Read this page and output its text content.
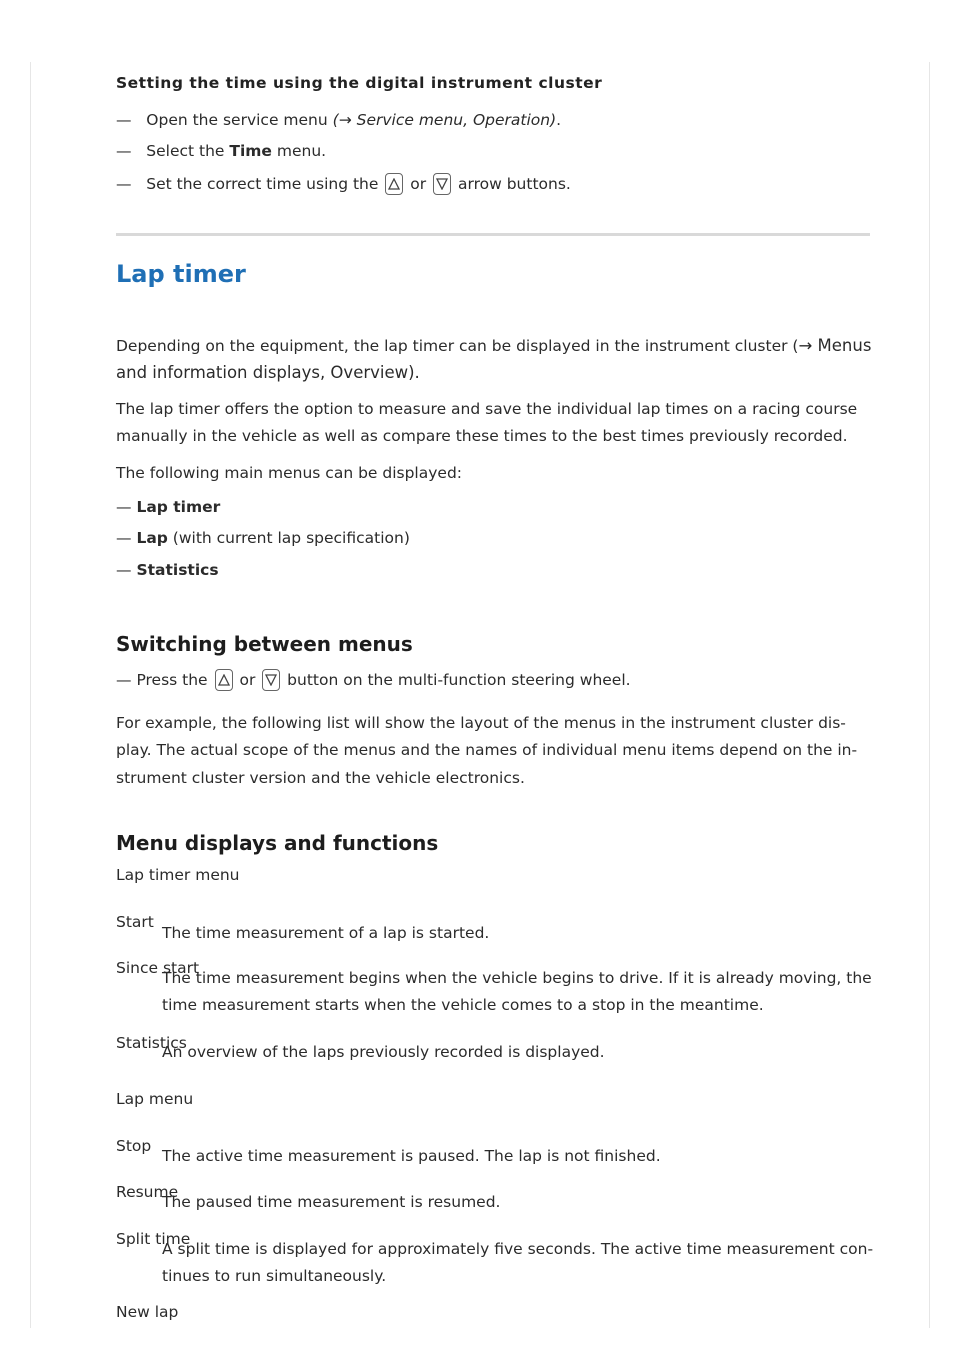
Setting the time using the digital instrument cluster
— Open the service menu (→ Service menu, Operation).
— Select the Time menu.
— Set the correct time using the
or
arrow buttons.
Lap timer
Depending on the equipment, the lap timer can be displayed in the instrument cluster (→ Menus
and information displays, Overview).
The lap timer offers the option to measure and save the individual lap times on a racing course
manually in the vehicle as well as compare these times to the best times previously recorded.
The following main menus can be displayed:
— Lap timer
— Lap (with current lap specification)
— Statistics
Switching between menus
— Press the
or
button on the multi-function steering wheel.
For example, the following list will show the layout of the menus in the instrument cluster dis-
play. The actual scope of the menus and the names of individual menu items depend on the in-
strument cluster version and the vehicle electronics.
Menu displays and functions
Lap timer menu
Start
The time measurement of a lap is started.
Since start
The time measurement begins when the vehicle begins to drive. If it is already moving, the
time measurement starts when the vehicle comes to a stop in the meantime.
Statistics
An overview of the laps previously recorded is displayed.
Lap menu
Stop
The active time measurement is paused. The lap is not finished.
Resume
The paused time measurement is resumed.
Split time
A split time is displayed for approximately five seconds. The active time measurement con-
tinues to run simultaneously.
New lap
